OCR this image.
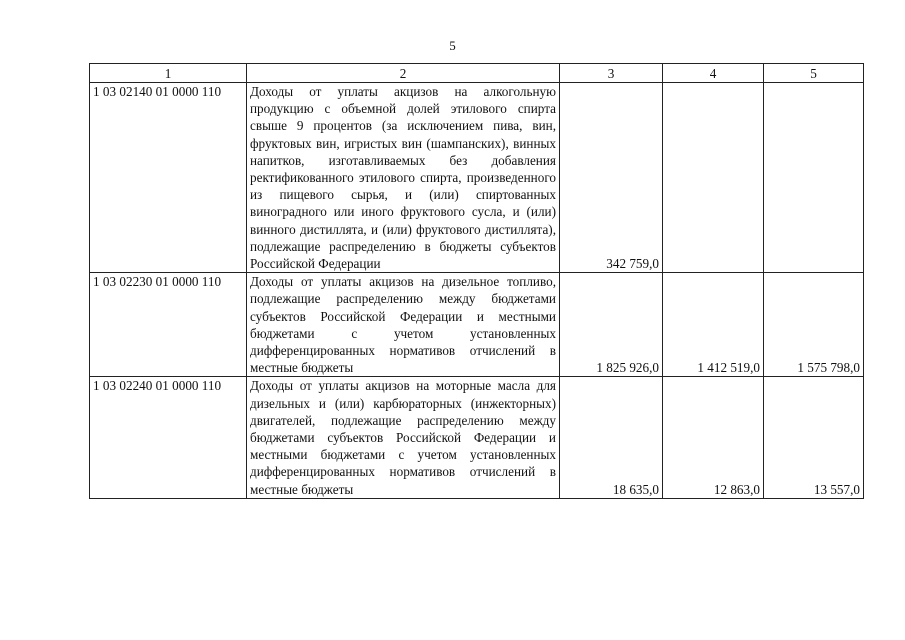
5
1	2	3	4	5
1 03 02140 01 0000 110	Доходы от уплаты акцизов на алкогольную продукцию с объемной долей этилового спирта свыше 9 процентов (за исключением пива, вин, фруктовых вин, игристых вин (шампанских), винных напитков, изготавливаемых без добавления ректификованного этилового спирта, произведенного из пищевого сырья, и (или) спиртованных виноградного или иного фруктового сусла, и (или) винного дистиллята, и (или) фруктового дистиллята), подлежащие распределению в бюджеты субъектов Российской Федерации	342 759,0		
1 03 02230 01 0000 110	Доходы от уплаты акцизов на дизельное топливо, подлежащие распределению между бюджетами субъектов Российской Федерации и местными бюджетами с учетом установленных дифференцированных нормативов отчислений в местные бюджеты	1 825 926,0	1 412 519,0	1 575 798,0
1 03 02240 01 0000 110	Доходы от уплаты акцизов на моторные масла для дизельных и (или) карбюраторных (инжекторных) двигателей, подлежащие распределению между бюджетами субъектов Российской Федерации и местными бюджетами с учетом установленных дифференцированных нормативов отчислений в местные бюджеты	18 635,0	12 863,0	13 557,0
